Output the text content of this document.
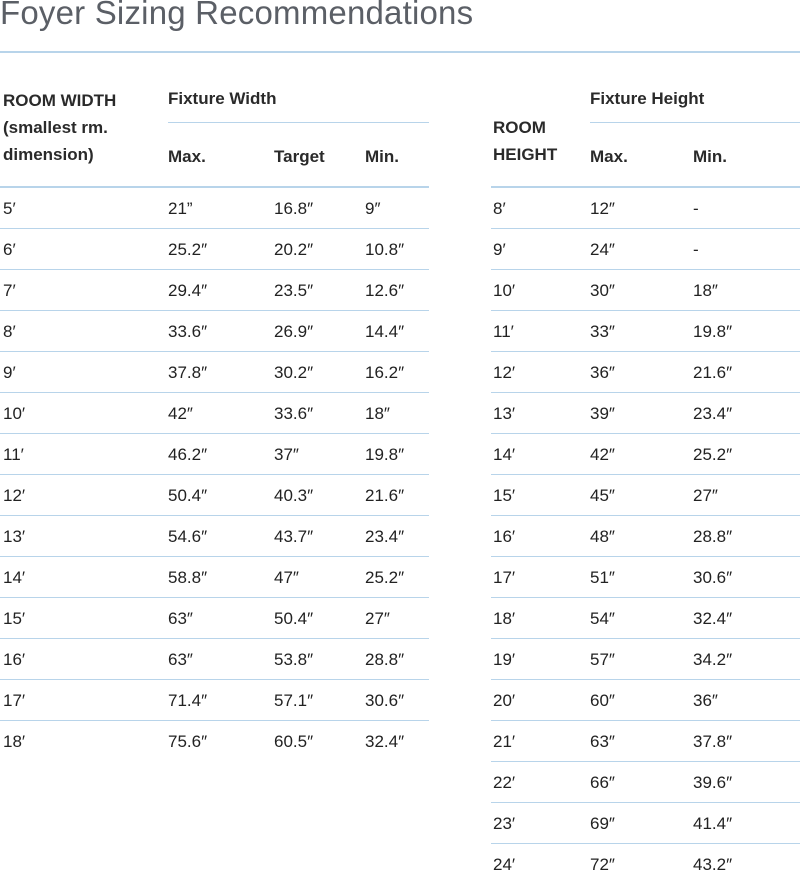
Foyer Sizing Recommendations
ROOM WIDTH
(smallest rm.
dimension)
Fixture Width
Max.	Target Min.
5′	21”	16.8″	9″
6′	25.2″	20.2″	10.8″
7′	29.4″	23.5″	12.6″
8′	33.6″	26.9″	14.4″
9′	37.8″	30.2″	16.2″
10′	42″	33.6″	18″
11′	46.2″	37″	19.8″
12′	50.4″	40.3″	21.6″
13′	54.6″	43.7″	23.4″
14′	58.8″	47″	25.2″
15′	63″	50.4″	27″
16′	63″	53.8″	28.8″
17′	71.4″	57.1″	30.6″
18′	75.6″	60.5″	32.4″
ROOM
HEIGHT
Fixture Height
Max.	Min.
8′	12″	-
9′	24″	-
10′	30″	18″
11′	33″	19.8″
12′	36″	21.6″
13′	39″	23.4″
14′	42″	25.2″
15′	45″	27″
16′	48″	28.8″
17′	51″	30.6″
18′	54″	32.4″
19′	57″	34.2″
20′	60″	36″
21′	63″	37.8″
22′	66″	39.6″
23′	69″	41.4″
24′	72″	43.2″
